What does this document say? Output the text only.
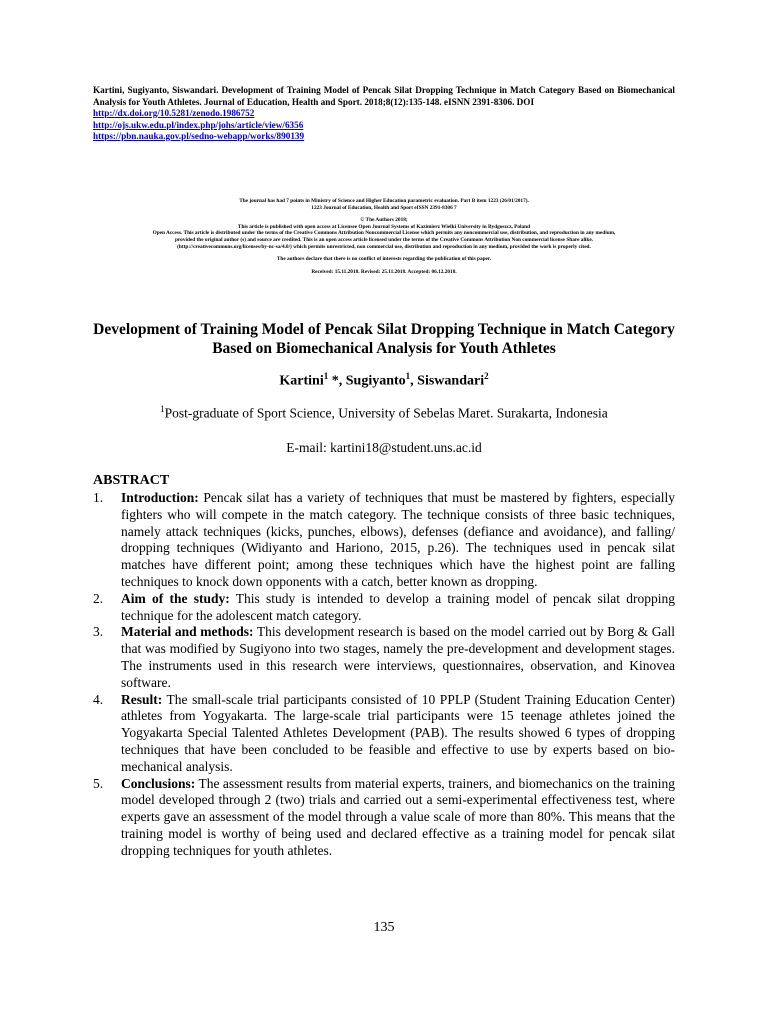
Kartini, Sugiyanto, Siswandari. Development of Training Model of Pencak Silat Dropping Technique in Match Category Based on Biomechanical Analysis for Youth Athletes. Journal of Education, Health and Sport. 2018;8(12):135-148. eISNN 2391-8306. DOI
http://dx.doi.org/10.5281/zenodo.1986752
http://ojs.ukw.edu.pl/index.php/johs/article/view/6356
https://pbn.nauka.gov.pl/sedno-webapp/works/890139

The journal has had 7 points in Ministry of Science and Higher Education parametric evaluation. Part B item 1223 (26/01/2017).

1223 Journal of Education, Health and Sport eISSN 2391-8306 7

© The Authors 2018;

This article is published with open access at Licensee Open Journal Systems of Kazimierz Wielki University in Bydgoszcz, Poland

Open Access. This article is distributed under the terms of the Creative Commons Attribution Noncommercial License which permits any noncommercial use, distribution, and reproduction in any medium,

provided the original author (s) and source are credited. This is an open access article licensed under the terms of the Creative Commons Attribution Non commercial license Share alike.

(http://creativecommons.org/licenses/by-nc-sa/4.0/) which permits unrestricted, non commercial use, distribution and reproduction in any medium, provided the work is properly cited.

The authors declare that there is no conflict of interests regarding the publication of this paper.

Received: 15.11.2018. Revised: 25.11.2018. Accepted: 06.12.2018.

Development of Training Model of Pencak Silat Dropping Technique in Match Category Based on Biomechanical Analysis for Youth Athletes
Kartini$^1$ *, Sugiyanto$^1$, Siswandari$^2$
$^1$Post-graduate of Sport Science, University of Sebelas Maret. Surakarta, Indonesia
E-mail: kartini18@student.uns.ac.id
ABSTRACT
1.	Introduction: Pencak silat has a variety of techniques that must be mastered by fighters, especially fighters who will compete in the match category. The technique consists of three basic techniques, namely attack techniques (kicks, punches, elbows), defenses (defiance and avoidance), and falling/ dropping techniques (Widiyanto and Hariono, 2015, p.26). The techniques used in pencak silat matches have different point; among these techniques which have the highest point are falling techniques to knock down opponents with a catch, better known as dropping.
2.	Aim of the study: This study is intended to develop a training model of pencak silat dropping technique for the adolescent match category.
3.	Material and methods: This development research is based on the model carried out by Borg & Gall that was modified by Sugiyono into two stages, namely the pre-development and development stages. The instruments used in this research were interviews, questionnaires, observation, and Kinovea software.
4.	Result: The small-scale trial participants consisted of 10 PPLP (Student Training Education Center) athletes from Yogyakarta. The large-scale trial participants were 15 teenage athletes joined the Yogyakarta Special Talented Athletes Development (PAB). The results showed 6 types of dropping techniques that have been concluded to be feasible and effective to use by experts based on bio-mechanical analysis.
5.	Conclusions: The assessment results from material experts, trainers, and biomechanics on the training model developed through 2 (two) trials and carried out a semi-experimental effectiveness test, where experts gave an assessment of the model through a value scale of more than 80%. This means that the training model is worthy of being used and declared effective as a training model for pencak silat dropping techniques for youth athletes.
135
